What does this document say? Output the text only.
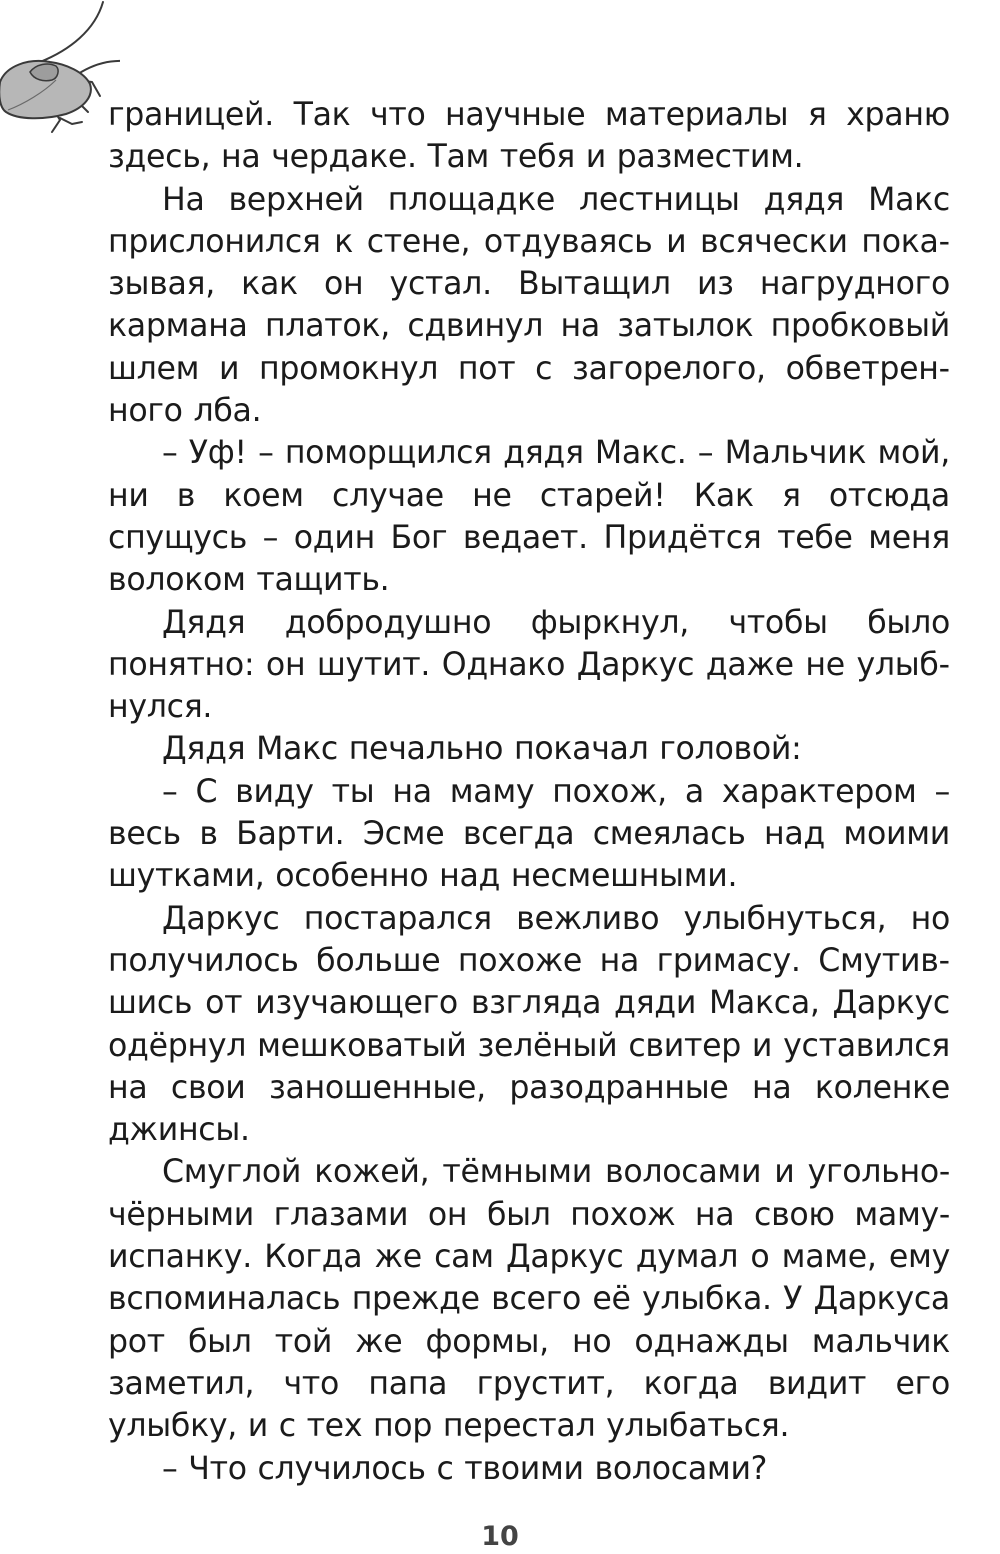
границей. Так что научные материалы я храню здесь, на чердаке. Там тебя и разместим.

На верхней площадке лестницы дядя Макс прислонился к стене, отдуваясь и всячески показывая, как он устал. Вытащил из нагрудного кармана платок, сдвинул на затылок пробковый шлем и промокнул пот с загорелого, обветренного лба.

– Уф! – поморщился дядя Макс. – Мальчик мой, ни в коем случае не старей! Как я отсюда спущусь – один Бог ведает. Придётся тебе меня волоком тащить.

Дядя добродушно фыркнул, чтобы было понятно: он шутит. Однако Даркус даже не улыбнулся.

Дядя Макс печально покачал головой:

– С виду ты на маму похож, а характером – весь в Барти. Эсме всегда смеялась над моими шутками, особенно над несмешными.

Даркус постарался вежливо улыбнуться, но получилось больше похоже на гримасу. Смутившись от изучающего взгляда дяди Макса, Даркус одёрнул мешковатый зелёный свитер и уставился на свои заношенные, разодранные на коленке джинсы.

Смуглой кожей, тёмными волосами и угольно-чёрными глазами он был похож на свою маму-испанку. Когда же сам Даркус думал о маме, ему вспоминалась прежде всего её улыбка. У Даркуса рот был той же формы, но однажды мальчик заметил, что папа грустит, когда видит его улыбку, и с тех пор перестал улыбаться.

– Что случилось с твоими волосами?

10
